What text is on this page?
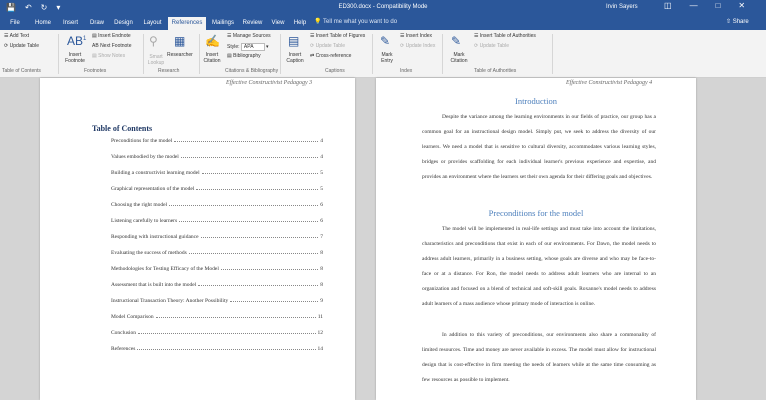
💾 ↶ ↻ ▾	ED300.docx - Compatibility Mode	Irvin Sayers	◫ — □ ✕
File	Home	Insert	Draw	Design	Layout	References	Mailings	Review	View	Help	💡 Tell me what you want to do	⇧ Share
☰ Add Text
⟳ Update Table
Table of Contents
$AB^1$
Insert Footnote
▤ Insert Endnote
AB Next Footnote
▤ Show Notes
Footnotes
⚲
Smart Lookup
▦
Researcher
Research
✍
Insert Citation
☰ Manage Sources
Style: APA ▾
▤ Bibliography
Citations & Bibliography
▤
Insert Caption
☰ Insert Table of Figures
⟳ Update Table
⇄ Cross-reference
Captions
✎
Mark Entry
☰ Insert Index
⟳ Update Index
Index
✎
Mark Citation
☰ Insert Table of Authorities
⟳ Update Table
Table of Authorities
Effective Constructivist Pedagogy 3
Table of Contents
Preconditions for the model	4
Values embodied by the model	4
Building a constructivist learning model	5
Graphical representation of the model	5
Choosing the right model	6
Listening carefully to learners	6
Responding with instructional guidance	7
Evaluating the success of methods	8
Methodologies for Testing Efficacy of the Model	8
Assessment that is built into the model	8
Instructional Transaction Theory: Another Possibility	9
Model Comparison	11
Conclusion	12
References	14
Effective Constructivist Pedagogy 4
Introduction

Despite the variance among the learning environments in our fields of practice, our group has a common goal for an instructional design model. Simply put, we seek to address the diversity of our learners. We need a model that is sensitive to cultural diversity, accommodates various learning styles, bridges or provides scaffolding for each individual learner's previous experience and expertise, and provides an environment where the learners set their own agenda for their differing goals and objectives.

Preconditions for the model

The model will be implemented in real-life settings and must take into account the limitations, characteristics and preconditions that exist in each of our environments. For Dawn, the model needs to address adult learners, primarily in a business setting, whose goals are diverse and who may be face-to-face or at a distance. For Ron, the model needs to address adult learners who are internal to an organization and focused on a blend of technical and soft-skill goals. Roxanne's model needs to address adult learners of a mass audience whose primary mode of interaction is online.

In addition to this variety of preconditions, our environments also share a commonality of limited resources. Time and money are never available in excess. The model must allow for instructional design that is cost-effective in firm meeting the needs of learners while at the same time consuming as few resources as possible to implement.
